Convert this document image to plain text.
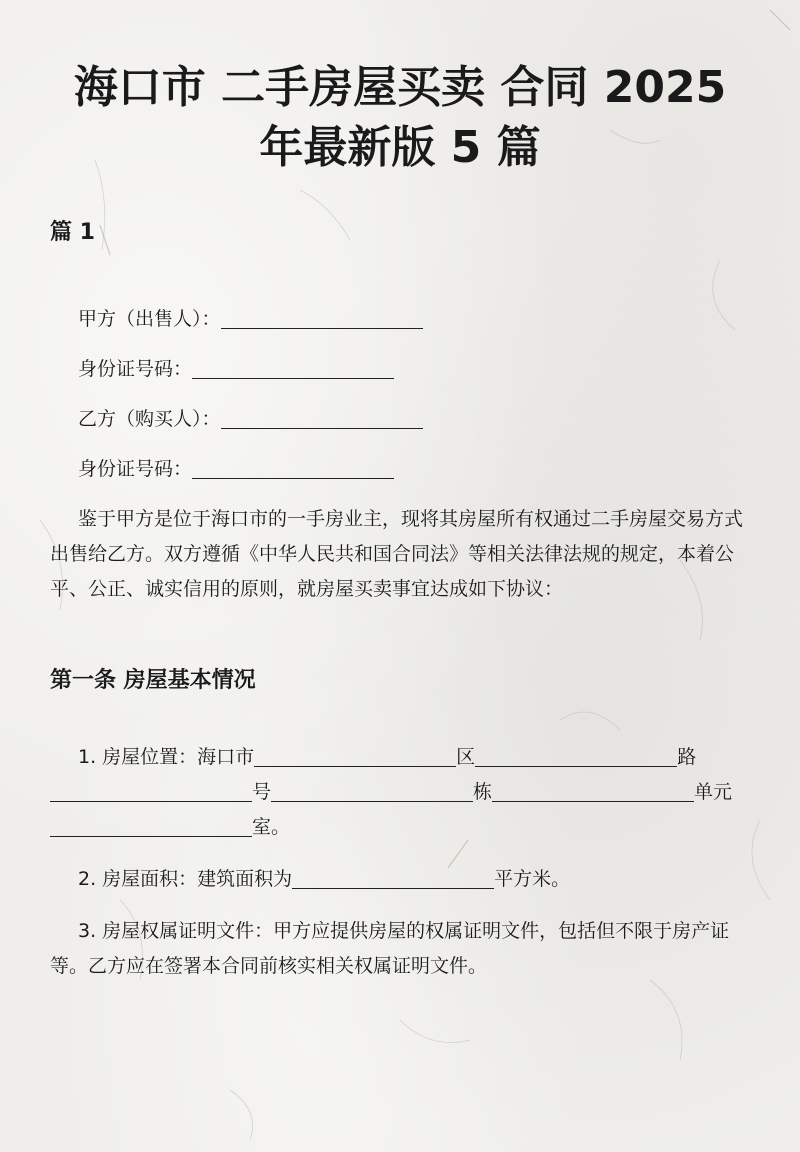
海口市 二手房屋买卖 合同 2025
年最新版 5 篇
篇 1

甲方（出售人）：

身份证号码：

乙方（购买人）：

身份证号码：

鉴于甲方是位于海口市的一手房业主，现将其房屋所有权通过二手房屋交易方式出售给乙方。双方遵循《中华人民共和国合同法》等相关法律法规的规定，本着公平、公正、诚实信用的原则，就房屋买卖事宜达成如下协议：

第一条 房屋基本情况

1. 房屋位置：海口市	区	路号	栋	单元室。

2. 房屋面积：建筑面积为	平方米。

3. 房屋权属证明文件：甲方应提供房屋的权属证明文件，包括但不限于房产证等。乙方应在签署本合同前核实相关权属证明文件。
